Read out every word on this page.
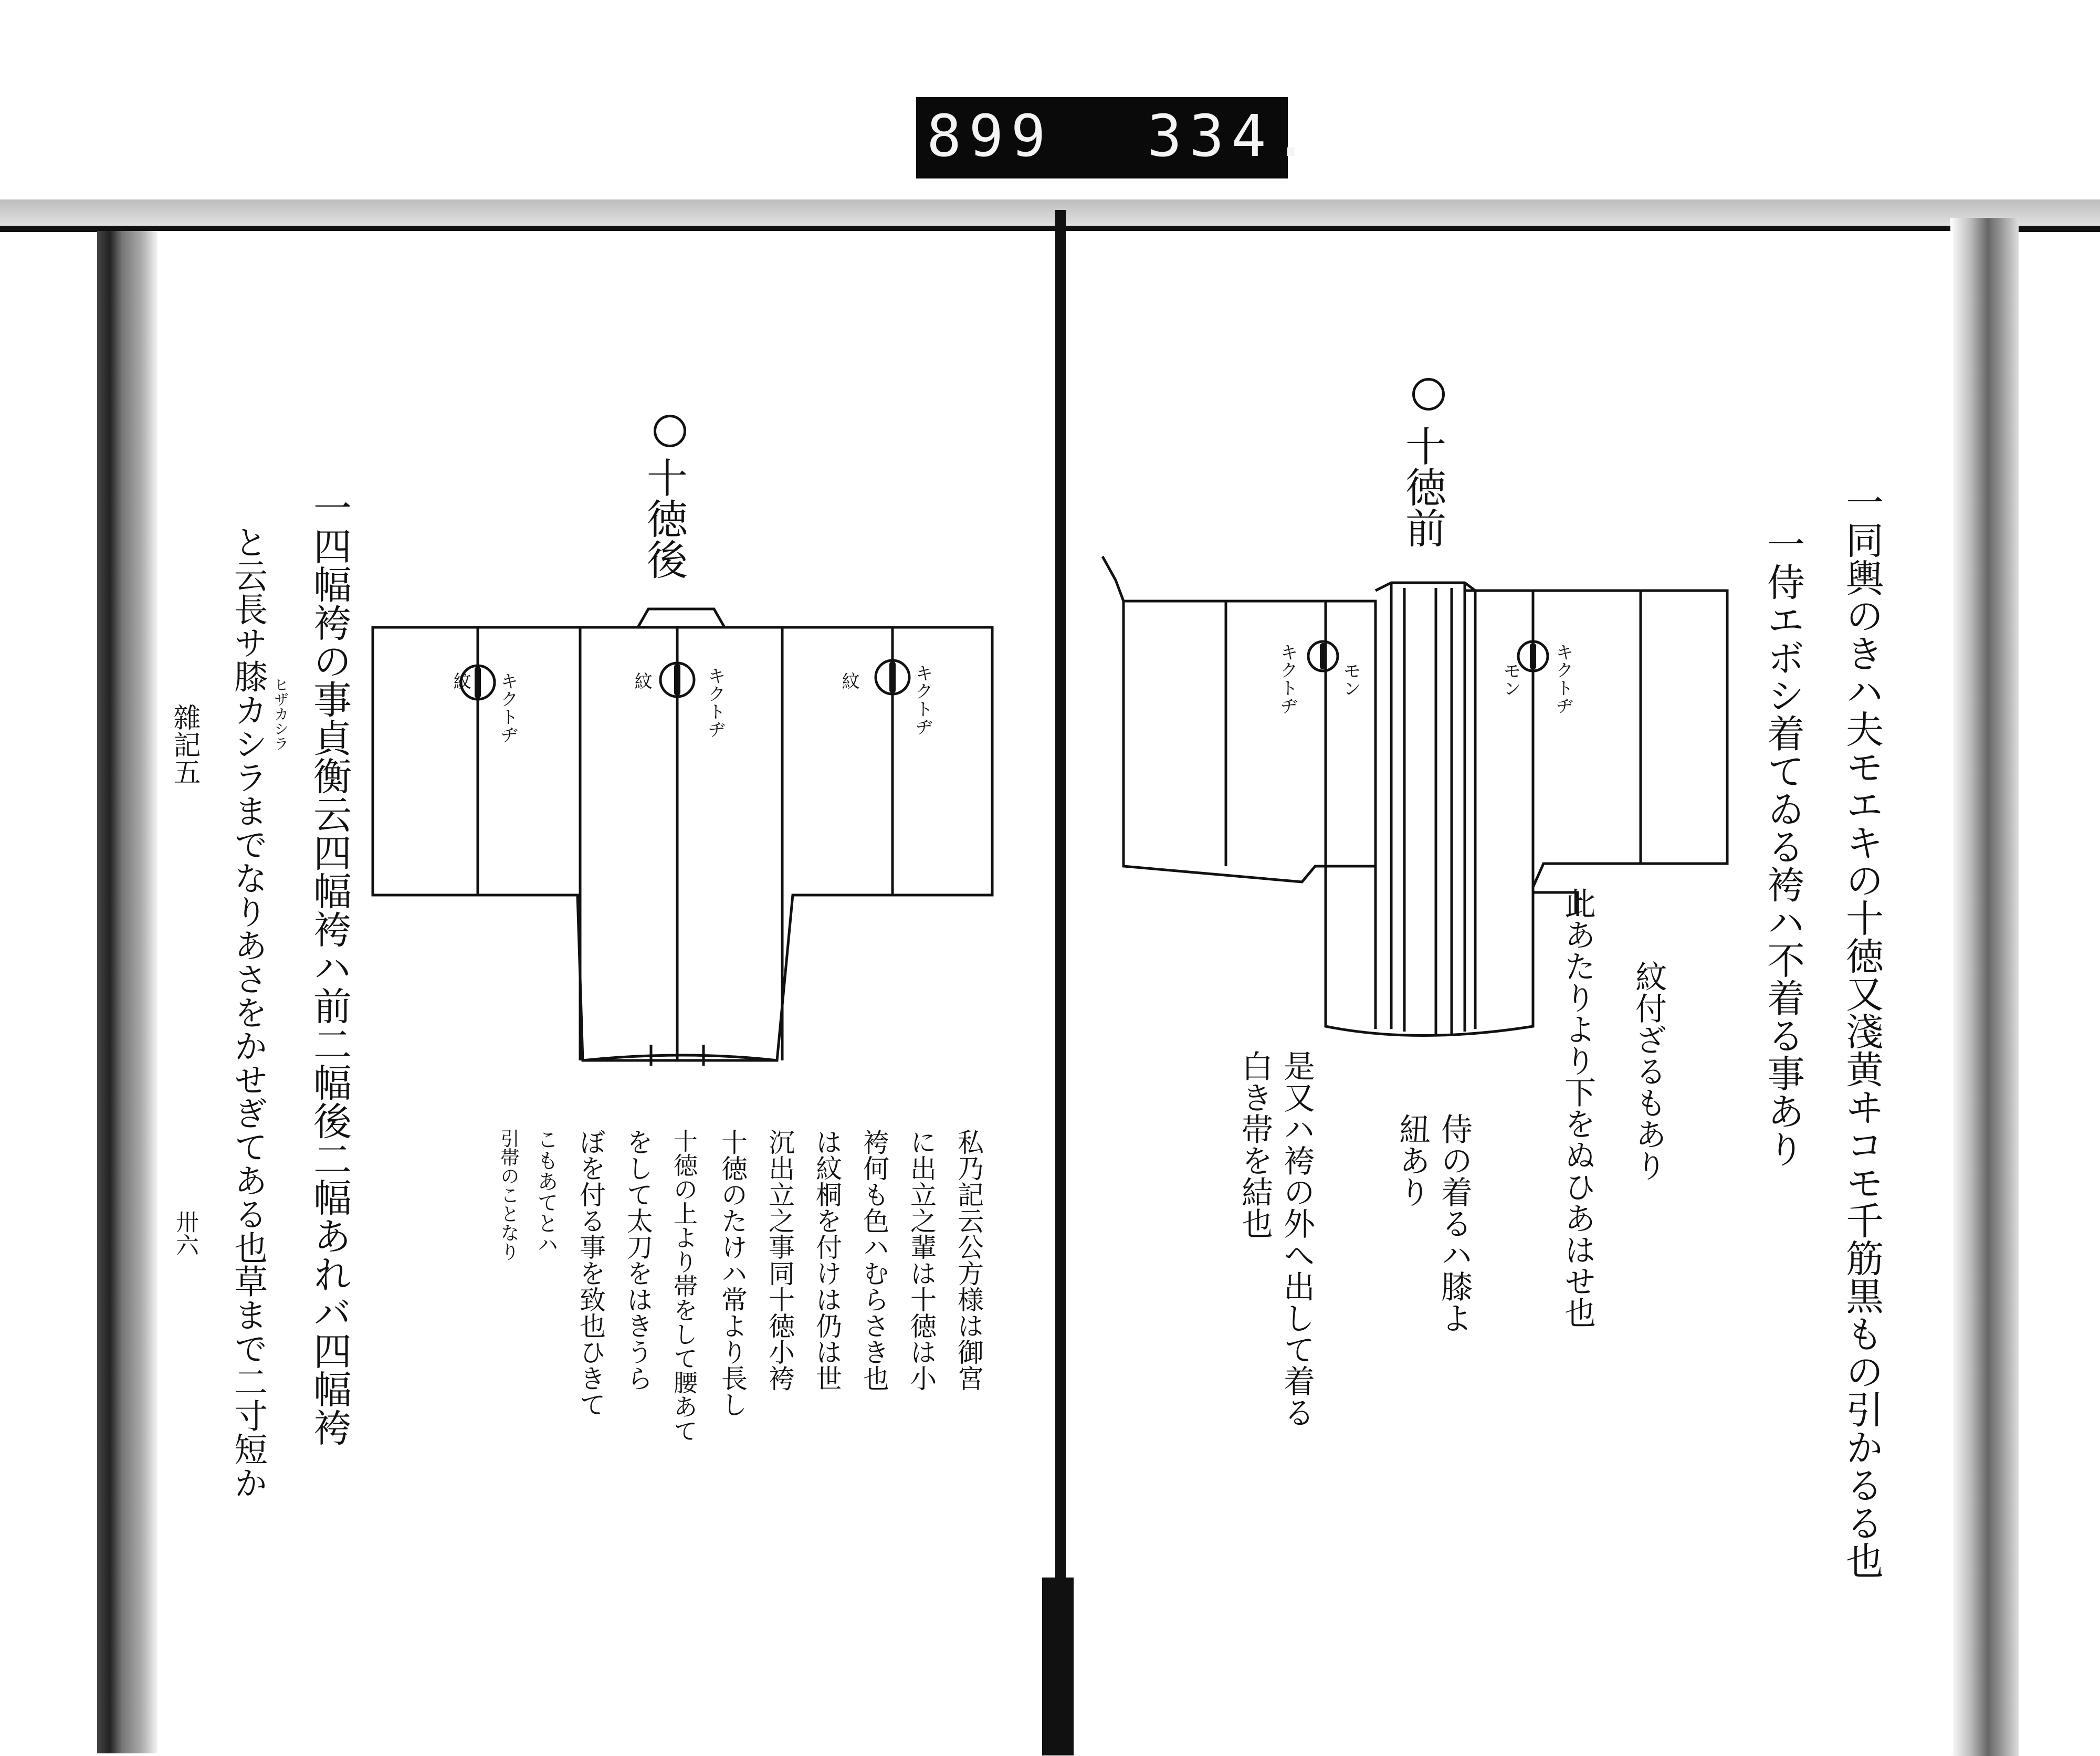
899 334.
十徳後
紋	紋	紋
キクトヂ	キクトヂ	キクトヂ
一四幅袴の事貞衡云四幅袴ハ前二幅後二幅あれバ四幅袴
と云長サ膝カシラまでなりあさをかせぎてある也草まで二寸短か ヒザカシラ
雜記五
卅六	私乃記云公方様は御宮
に出立之輩は十徳は小
袴何も色ハむらさき也
は紋桐を付けは仍は世
沉出立之事同十徳小袴
十徳のたけハ常より長し
十徳の上より帯をして腰あて
をして太刀をはきうら
ぼを付る事を致也ひきて
こもあてとハ
引帯のことなり
十徳前
キクトヂ モン	モン キクトヂ	一同輿のきハ夫モエキの十徳又淺黄ヰコモ千筋黒もの引かるる也
一侍エボシ着てゐる袴ハ不着る事あり
紋付ざるもあり
此あたりより下をぬひあはせ也
侍の着るハ膝よ
紐あり
是又ハ袴の外へ出して着る
白き帯を結也
